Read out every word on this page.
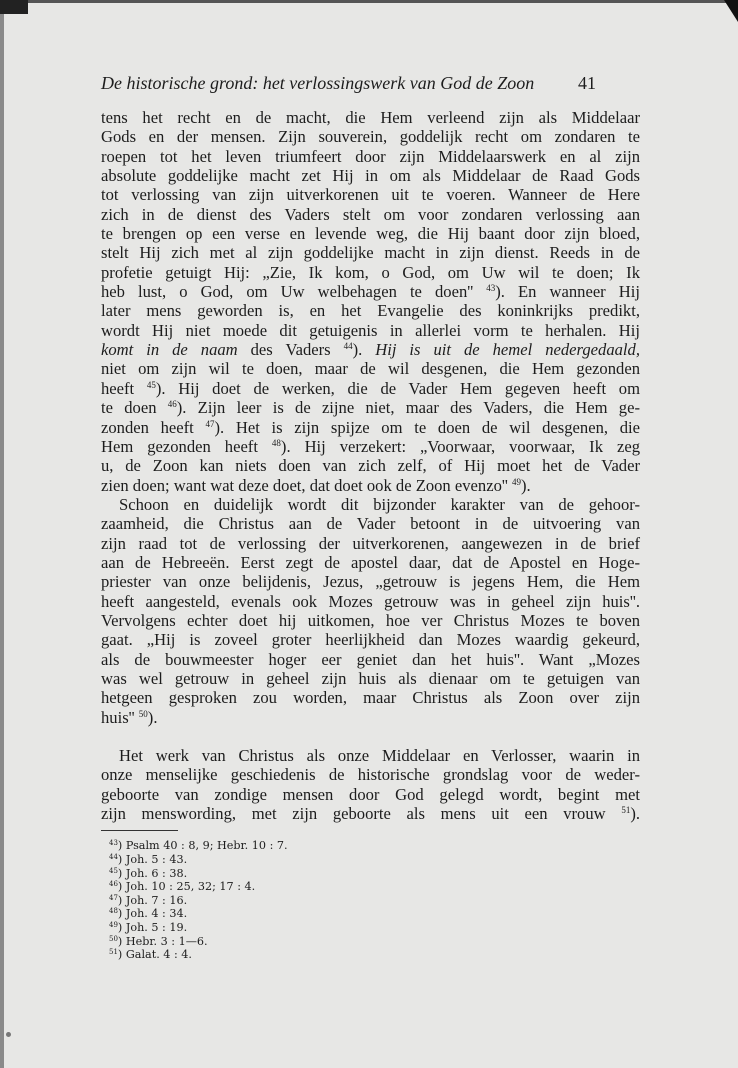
De historische grond: het verlossingswerk van God de Zoon	41
tens het recht en de macht, die Hem verleend zijn als Middelaar
Gods en der mensen. Zijn souverein, goddelijk recht om zondaren te
roepen tot het leven triumfeert door zijn Middelaarswerk en al zijn
absolute goddelijke macht zet Hij in om als Middelaar de Raad Gods
tot verlossing van zijn uitverkorenen uit te voeren. Wanneer de Here
zich in de dienst des Vaders stelt om voor zondaren verlossing aan
te brengen op een verse en levende weg, die Hij baant door zijn bloed,
stelt Hij zich met al zijn goddelijke macht in zijn dienst. Reeds in de
profetie getuigt Hij: „Zie, Ik kom, o God, om Uw wil te doen; Ik
heb lust, o God, om Uw welbehagen te doen'' $^{43}$). En wanneer Hij
later mens geworden is, en het Evangelie des koninkrijks predikt,
wordt Hij niet moede dit getuigenis in allerlei vorm te herhalen. Hij
komt in de naam des Vaders $^{44}$). Hij is uit de hemel nedergedaald,
niet om zijn wil te doen, maar de wil desgenen, die Hem gezonden
heeft $^{45}$). Hij doet de werken, die de Vader Hem gegeven heeft om
te doen $^{46}$). Zijn leer is de zijne niet, maar des Vaders, die Hem ge-
zonden heeft $^{47}$). Het is zijn spijze om te doen de wil desgenen, die
Hem gezonden heeft $^{48}$). Hij verzekert: „Voorwaar, voorwaar, Ik zeg
u, de Zoon kan niets doen van zich zelf, of Hij moet het de Vader
zien doen; want wat deze doet, dat doet ook de Zoon evenzo'' $^{49}$).
Schoon en duidelijk wordt dit bijzonder karakter van de gehoor-
zaamheid, die Christus aan de Vader betoont in de uitvoering van
zijn raad tot de verlossing der uitverkorenen, aangewezen in de brief
aan de Hebreeën. Eerst zegt de apostel daar, dat de Apostel en Hoge-
priester van onze belijdenis, Jezus, „getrouw is jegens Hem, die Hem
heeft aangesteld, evenals ook Mozes getrouw was in geheel zijn huis''.
Vervolgens echter doet hij uitkomen, hoe ver Christus Mozes te boven
gaat. „Hij is zoveel groter heerlijkheid dan Mozes waardig gekeurd,
als de bouwmeester hoger eer geniet dan het huis''. Want „Mozes
was wel getrouw in geheel zijn huis als dienaar om te getuigen van
hetgeen gesproken zou worden, maar Christus als Zoon over zijn
huis'' $^{50}$).
Het werk van Christus als onze Middelaar en Verlosser, waarin in
onze menselijke geschiedenis de historische grondslag voor de weder-
geboorte van zondige mensen door God gelegd wordt, begint met
zijn menswording, met zijn geboorte als mens uit een vrouw $^{51}$).
$^{43}$) Psalm 40 : 8, 9; Hebr. 10 : 7.
$^{44}$) Joh. 5 : 43.
$^{45}$) Joh. 6 : 38.
$^{46}$) Joh. 10 : 25, 32; 17 : 4.
$^{47}$) Joh. 7 : 16.
$^{48}$) Joh. 4 : 34.
$^{49}$) Joh. 5 : 19.
$^{50}$) Hebr. 3 : 1—6.
$^{51}$) Galat. 4 : 4.
